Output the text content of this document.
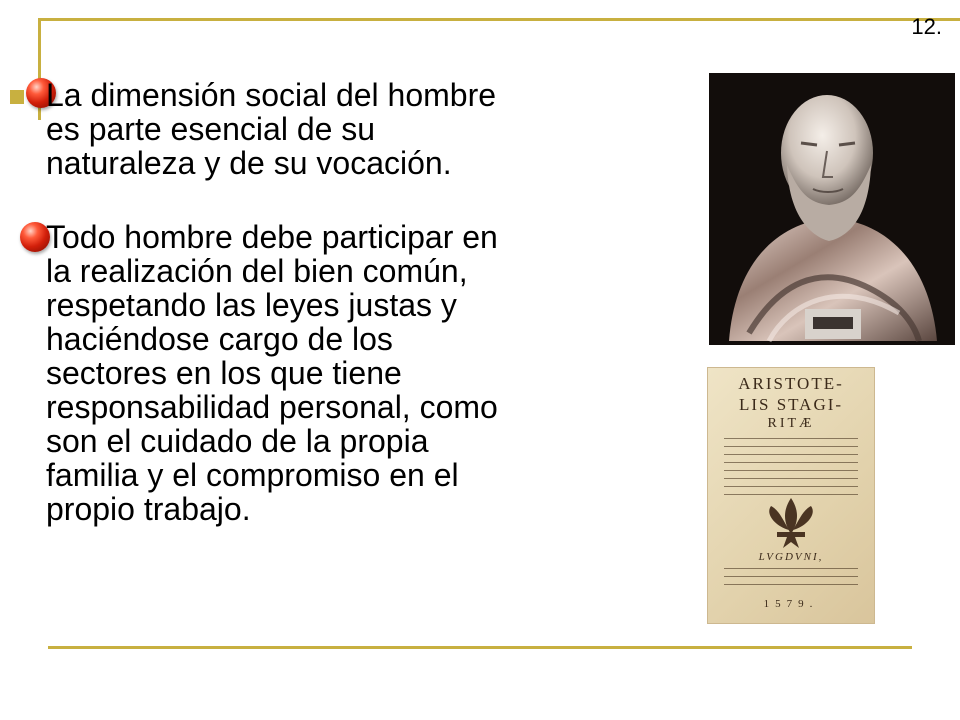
12.

La dimensión social del hombre
es parte esencial de su
naturaleza y de su vocación.

Todo hombre debe participar en
la realización del bien común,
respetando las leyes justas y
haciéndose cargo de los
sectores en los que tiene
responsabilidad personal, como
son el cuidado de la propia
familia y el compromiso en el
propio trabajo.

ARISTOTE-
LIS STAGI-
RITÆ
LVGDVNI,
1579.
